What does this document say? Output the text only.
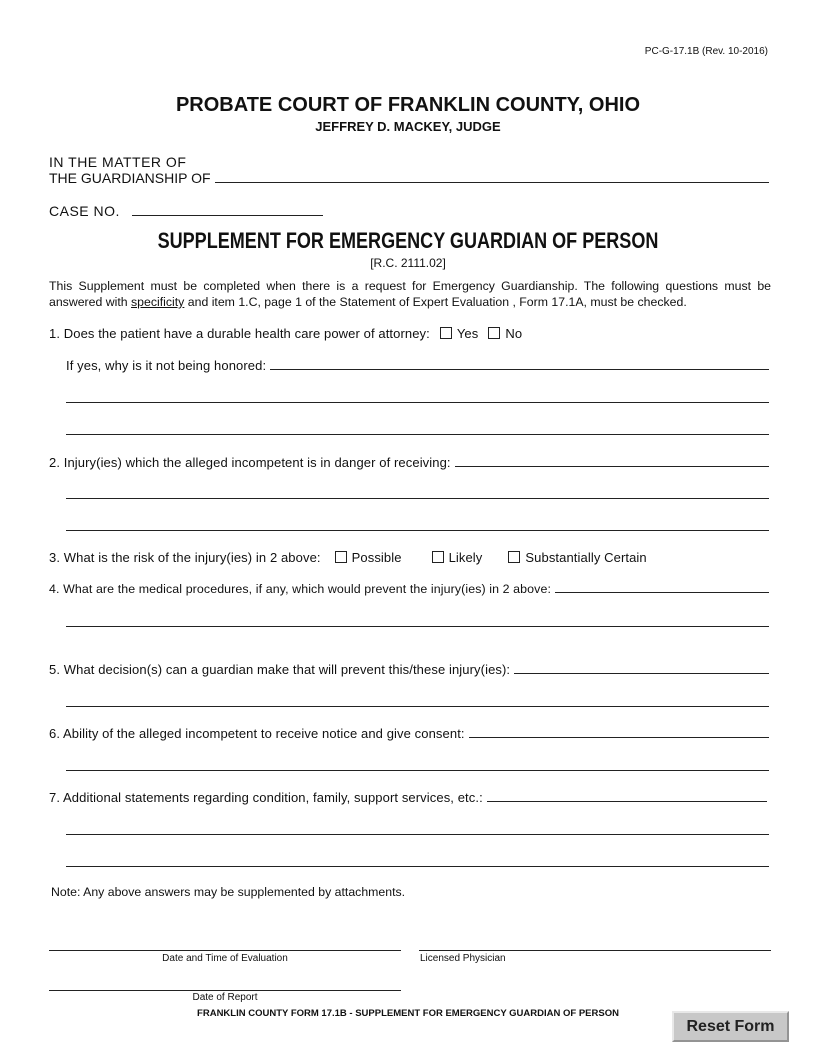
PC-G-17.1B (Rev. 10-2016)
PROBATE COURT OF FRANKLIN COUNTY, OHIO
JEFFREY D. MACKEY, JUDGE
IN THE MATTER OF
THE GUARDIANSHIP OF
CASE NO.
SUPPLEMENT FOR EMERGENCY GUARDIAN OF PERSON
[R.C. 2111.02]
This Supplement must be completed when there is a request for Emergency Guardianship. The following questions must be answered with specificity and item 1.C, page 1 of the Statement of Expert Evaluation , Form 17.1A, must be checked.
1. Does the patient have a durable health care power of attorney:	Yes	No
If yes, why is it not being honored:
2. Injury(ies) which the alleged incompetent is in danger of receiving:
3. What is the risk of the injury(ies) in 2 above:	Possible	Likely	Substantially Certain
4. What are the medical procedures, if any, which would prevent the injury(ies) in 2 above:
5. What decision(s) can a guardian make that will prevent this/these injury(ies):
6. Ability of the alleged incompetent to receive notice and give consent:
7. Additional statements regarding condition, family, support services, etc.:
Note: Any above answers may be supplemented by attachments.
Date and Time of Evaluation	Licensed Physician
Date of Report
FRANKLIN COUNTY FORM 17.1B - SUPPLEMENT FOR EMERGENCY GUARDIAN OF PERSON
Reset Form
